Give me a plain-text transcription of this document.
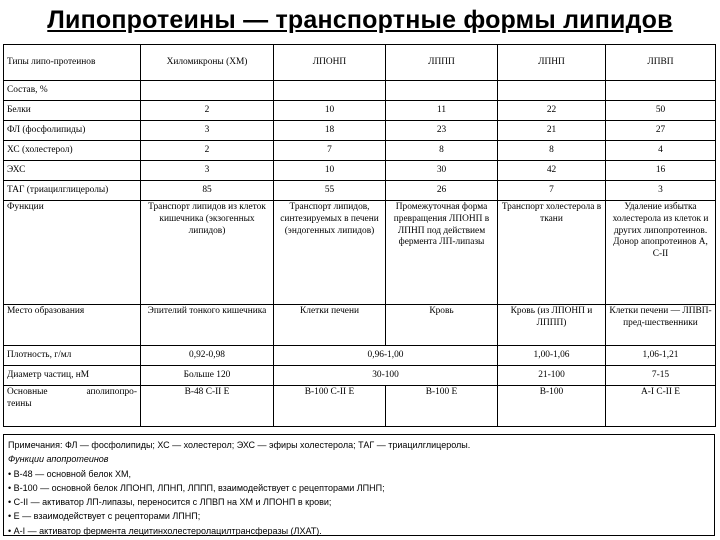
Липопротеины — транспортные формы липидов
Типы липо-протеинов	Хиломикроны (ХМ)	ЛПОНП	ЛППП	ЛПНП	ЛПВП
Состав, %					
Белки	2	10	11	22	50
ФЛ (фосфолипиды)	3	18	23	21	27
ХС (холестерол)	2	7	8	8	4
ЭХС	3	10	30	42	16
ТАГ (триацилглицеролы)	85	55	26	7	3
Функции	Транспорт липидов из клеток кишечника (экзогенных липидов)	Транспорт липидов, синтезируемых в печени (эндогенных липидов)	Промежуточная форма превращения ЛПОНП в ЛПНП под действием фермента ЛП-липазы	Транспорт холестерола в ткани	Удаление избытка холестерола из клеток и других липопротеинов. Донор апопротеинов А, С-II
Место образования	Эпителий тонкого кишечника	Клетки печени	Кровь	Кровь (из ЛПОНП и ЛППП)	Клетки печени — ЛПВП-пред-шественники
Плотность, г/мл	0,92-0,98	0,96-1,00		1,00-1,06	1,06-1,21
Диаметр частиц, нМ	Больше 120	30-100		21-100	7-15

Основные аполипопро-
теины	В-48 С-II Е	В-100 С-II Е	В-100 Е	В-100	А-I С-II Е
Примечания: ФЛ — фосфолипиды; ХС — холестерол; ЭХС — эфиры холестерола; ТАГ — триацилглицеролы.
Функции апопротеинов
• В-48 — основной белок ХМ,
• В-100 — основной белок ЛПОНП, ЛПНП, ЛППП, взаимодействует с рецепторами ЛПНП;
• С-II — активатор ЛП-липазы, переносится с ЛПВП на ХМ и ЛПОНП в крови;
• Е — взаимодействует с рецепторами ЛПНП;
• А-I — активатор фермента лецитинхолестеролацилтрансферазы (ЛХАТ).
